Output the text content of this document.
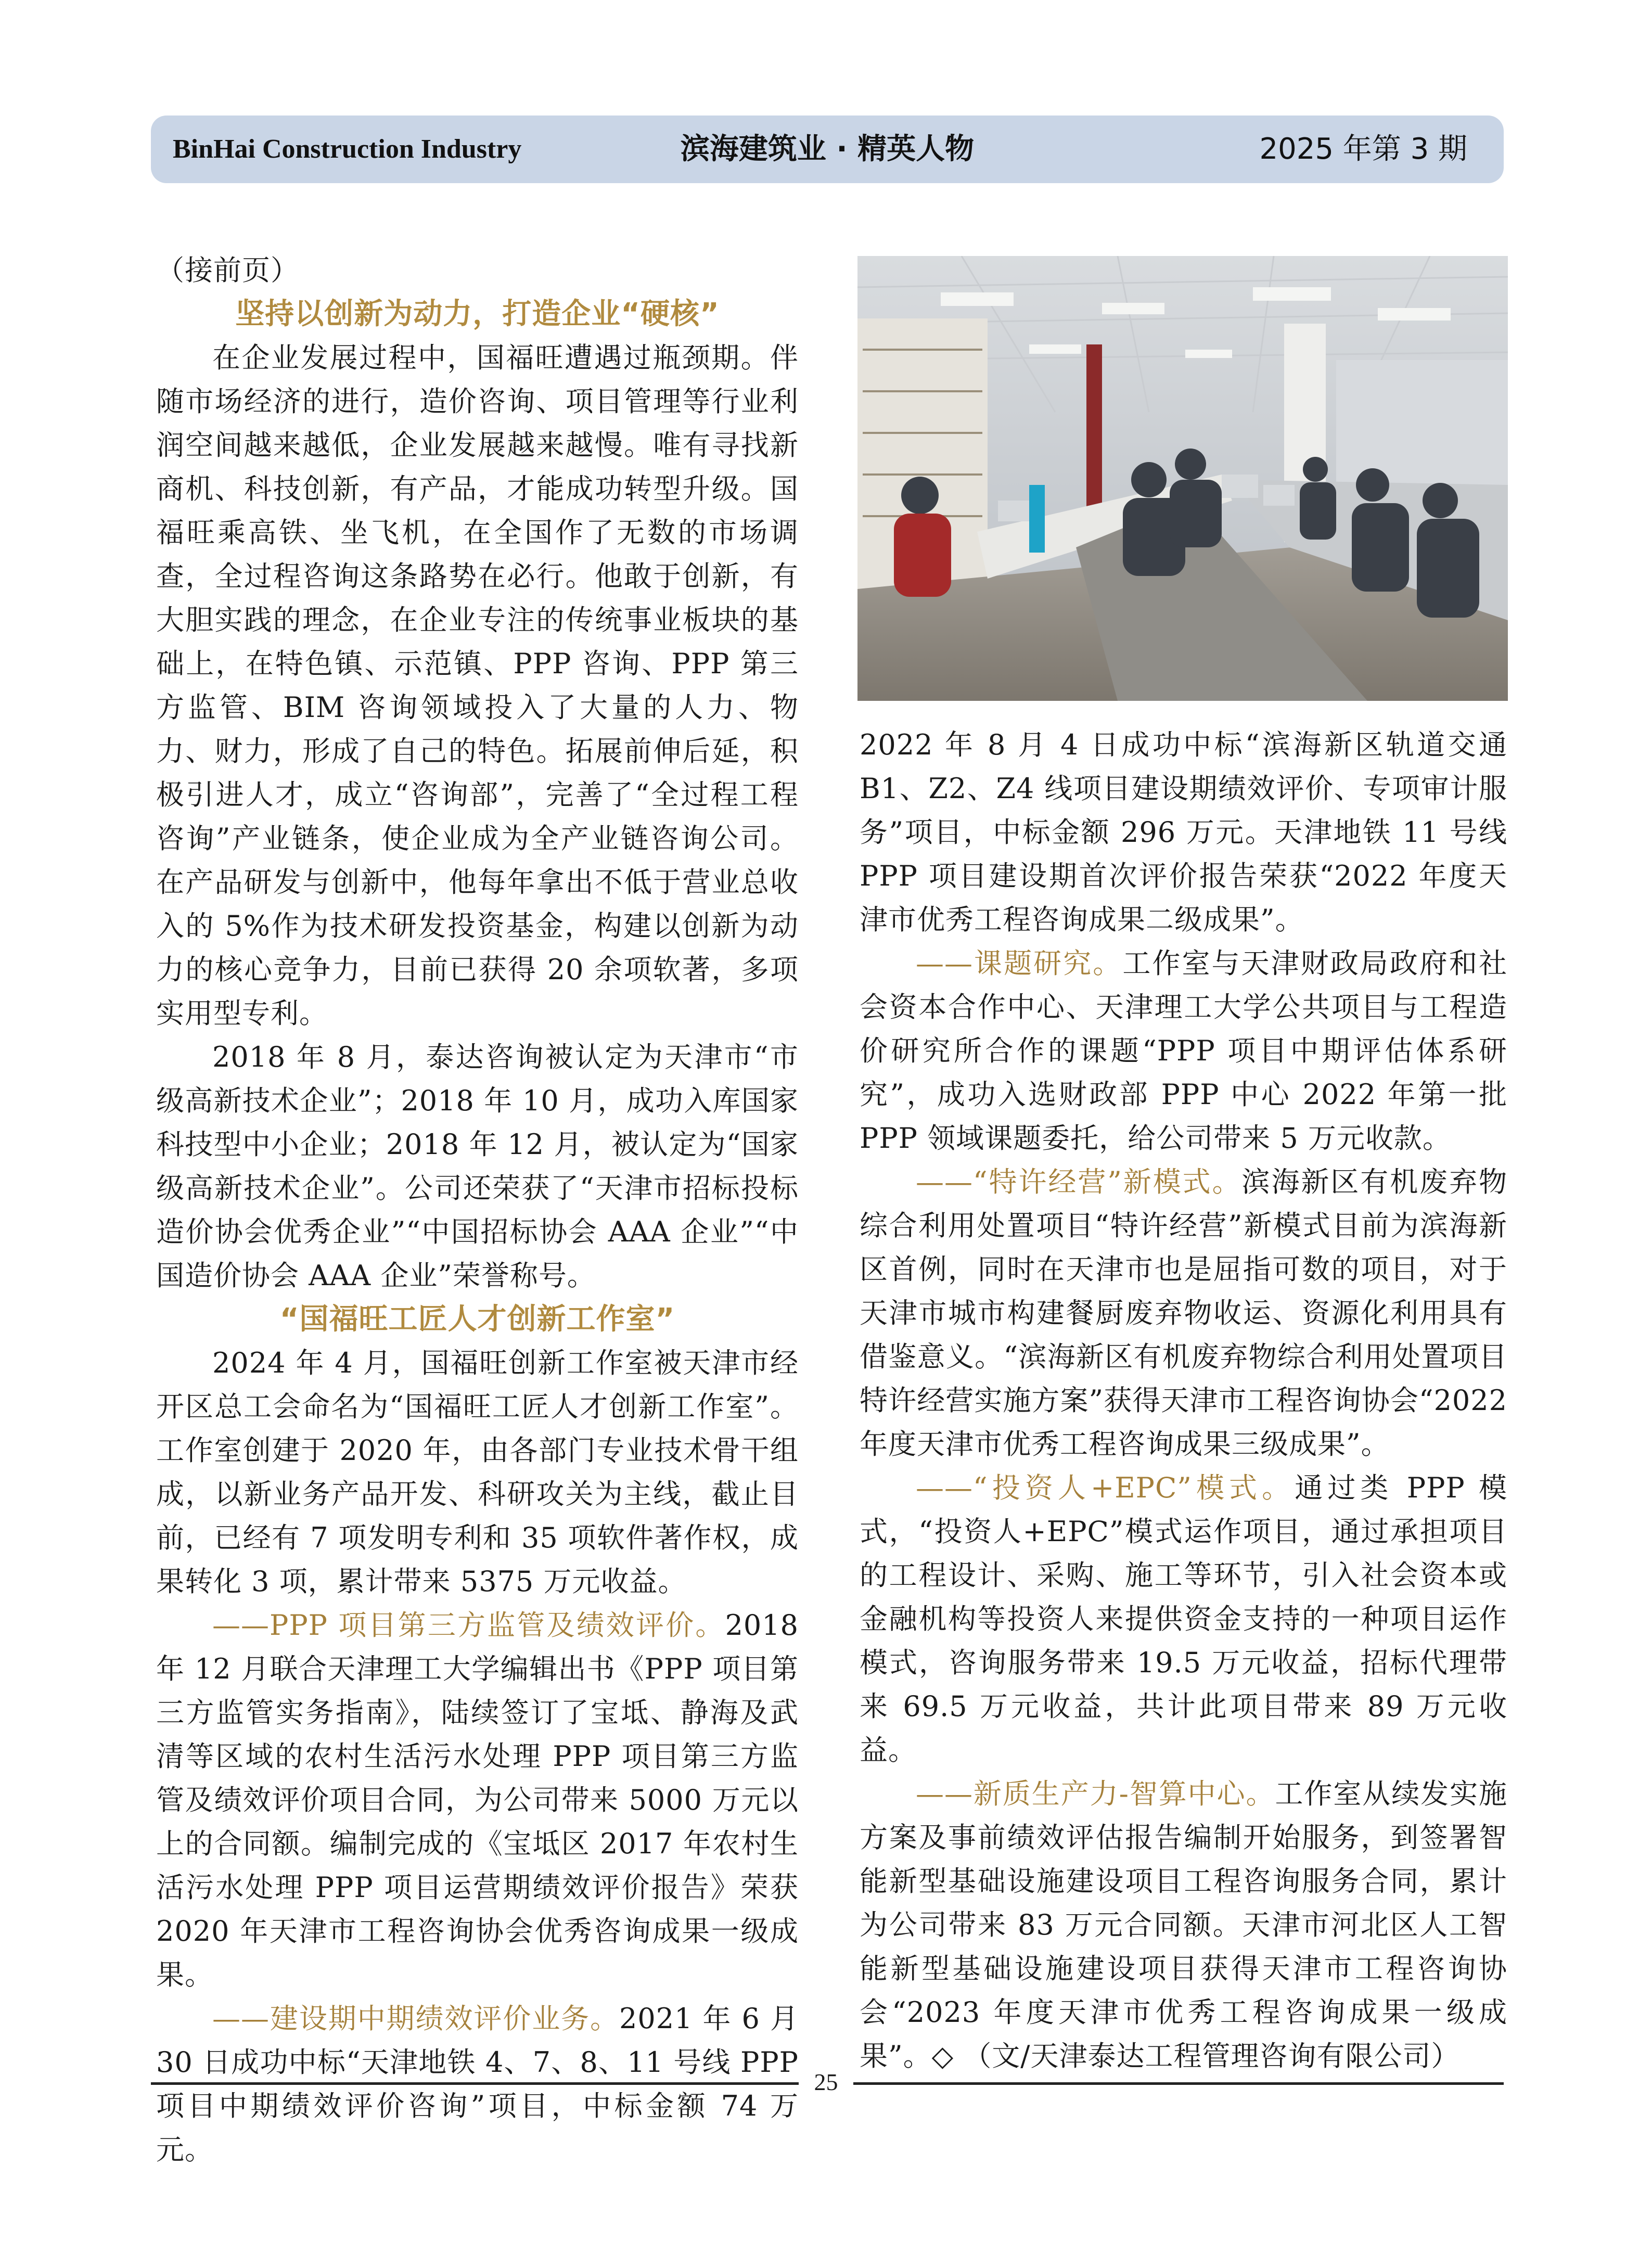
BinHai Construction Industry	滨海建筑业 · 精英人物	2025 年第 3 期

（接前页）

坚持以创新为动力，打造企业“硬核”

在企业发展过程中，国福旺遭遇过瓶颈期。伴随市场经济的进行，造价咨询、项目管理等行业利润空间越来越低，企业发展越来越慢。唯有寻找新商机、科技创新，有产品，才能成功转型升级。国福旺乘高铁、坐飞机，在全国作了无数的市场调查，全过程咨询这条路势在必行。他敢于创新，有大胆实践的理念，在企业专注的传统事业板块的基础上，在特色镇、示范镇、PPP 咨询、PPP 第三方监管、BIM 咨询领域投入了大量的人力、物力、财力，形成了自己的特色。拓展前伸后延，积极引进人才，成立“咨询部”，完善了“全过程工程咨询”产业链条，使企业成为全产业链咨询公司。在产品研发与创新中，他每年拿出不低于营业总收入的 5%作为技术研发投资基金，构建以创新为动力的核心竞争力，目前已获得 20 余项软著，多项实用型专利。

2018 年 8 月，泰达咨询被认定为天津市“市级高新技术企业”；2018 年 10 月，成功入库国家科技型中小企业；2018 年 12 月，被认定为“国家级高新技术企业”。公司还荣获了“天津市招标投标造价协会优秀企业”“中国招标协会 AAA 企业”“中国造价协会 AAA 企业”荣誉称号。

“国福旺工匠人才创新工作室”

2024 年 4 月，国福旺创新工作室被天津市经开区总工会命名为“国福旺工匠人才创新工作室”。工作室创建于 2020 年，由各部门专业技术骨干组成，以新业务产品开发、科研攻关为主线，截止目前，已经有 7 项发明专利和 35 项软件著作权，成果转化 3 项，累计带来 5375 万元收益。

——PPP 项目第三方监管及绩效评价。2018 年 12 月联合天津理工大学编辑出书《PPP 项目第三方监管实务指南》，陆续签订了宝坻、静海及武清等区域的农村生活污水处理 PPP 项目第三方监管及绩效评价项目合同，为公司带来 5000 万元以上的合同额。编制完成的《宝坻区 2017 年农村生活污水处理 PPP 项目运营期绩效评价报告》荣获 2020 年天津市工程咨询协会优秀咨询成果一级成果。

——建设期中期绩效评价业务。2021 年 6 月 30 日成功中标“天津地铁 4、7、8、11 号线 PPP 项目中期绩效评价咨询”项目，中标金额 74 万元。

2022 年 8 月 4 日成功中标“滨海新区轨道交通 B1、Z2、Z4 线项目建设期绩效评价、专项审计服务”项目，中标金额 296 万元。天津地铁 11 号线 PPP 项目建设期首次评价报告荣获“2022 年度天津市优秀工程咨询成果二级成果”。

——课题研究。工作室与天津财政局政府和社会资本合作中心、天津理工大学公共项目与工程造价研究所合作的课题“PPP 项目中期评估体系研究”，成功入选财政部 PPP 中心 2022 年第一批 PPP 领域课题委托，给公司带来 5 万元收款。

——“特许经营”新模式。滨海新区有机废弃物综合利用处置项目“特许经营”新模式目前为滨海新区首例，同时在天津市也是屈指可数的项目，对于天津市城市构建餐厨废弃物收运、资源化利用具有借鉴意义。“滨海新区有机废弃物综合利用处置项目特许经营实施方案”获得天津市工程咨询协会“2022 年度天津市优秀工程咨询成果三级成果”。

——“投资人+EPC”模式。通过类 PPP 模式，“投资人+EPC”模式运作项目，通过承担项目的工程设计、采购、施工等环节，引入社会资本或金融机构等投资人来提供资金支持的一种项目运作模式，咨询服务带来 19.5 万元收益，招标代理带来 69.5 万元收益，共计此项目带来 89 万元收益。

——新质生产力-智算中心。工作室从续发实施方案及事前绩效评估报告编制开始服务，到签署智能新型基础设施建设项目工程咨询服务合同，累计为公司带来 83 万元合同额。天津市河北区人工智能新型基础设施建设项目获得天津市工程咨询协会“2023 年度天津市优秀工程咨询成果一级成果”。◇ （文/天津泰达工程管理咨询有限公司）

25
